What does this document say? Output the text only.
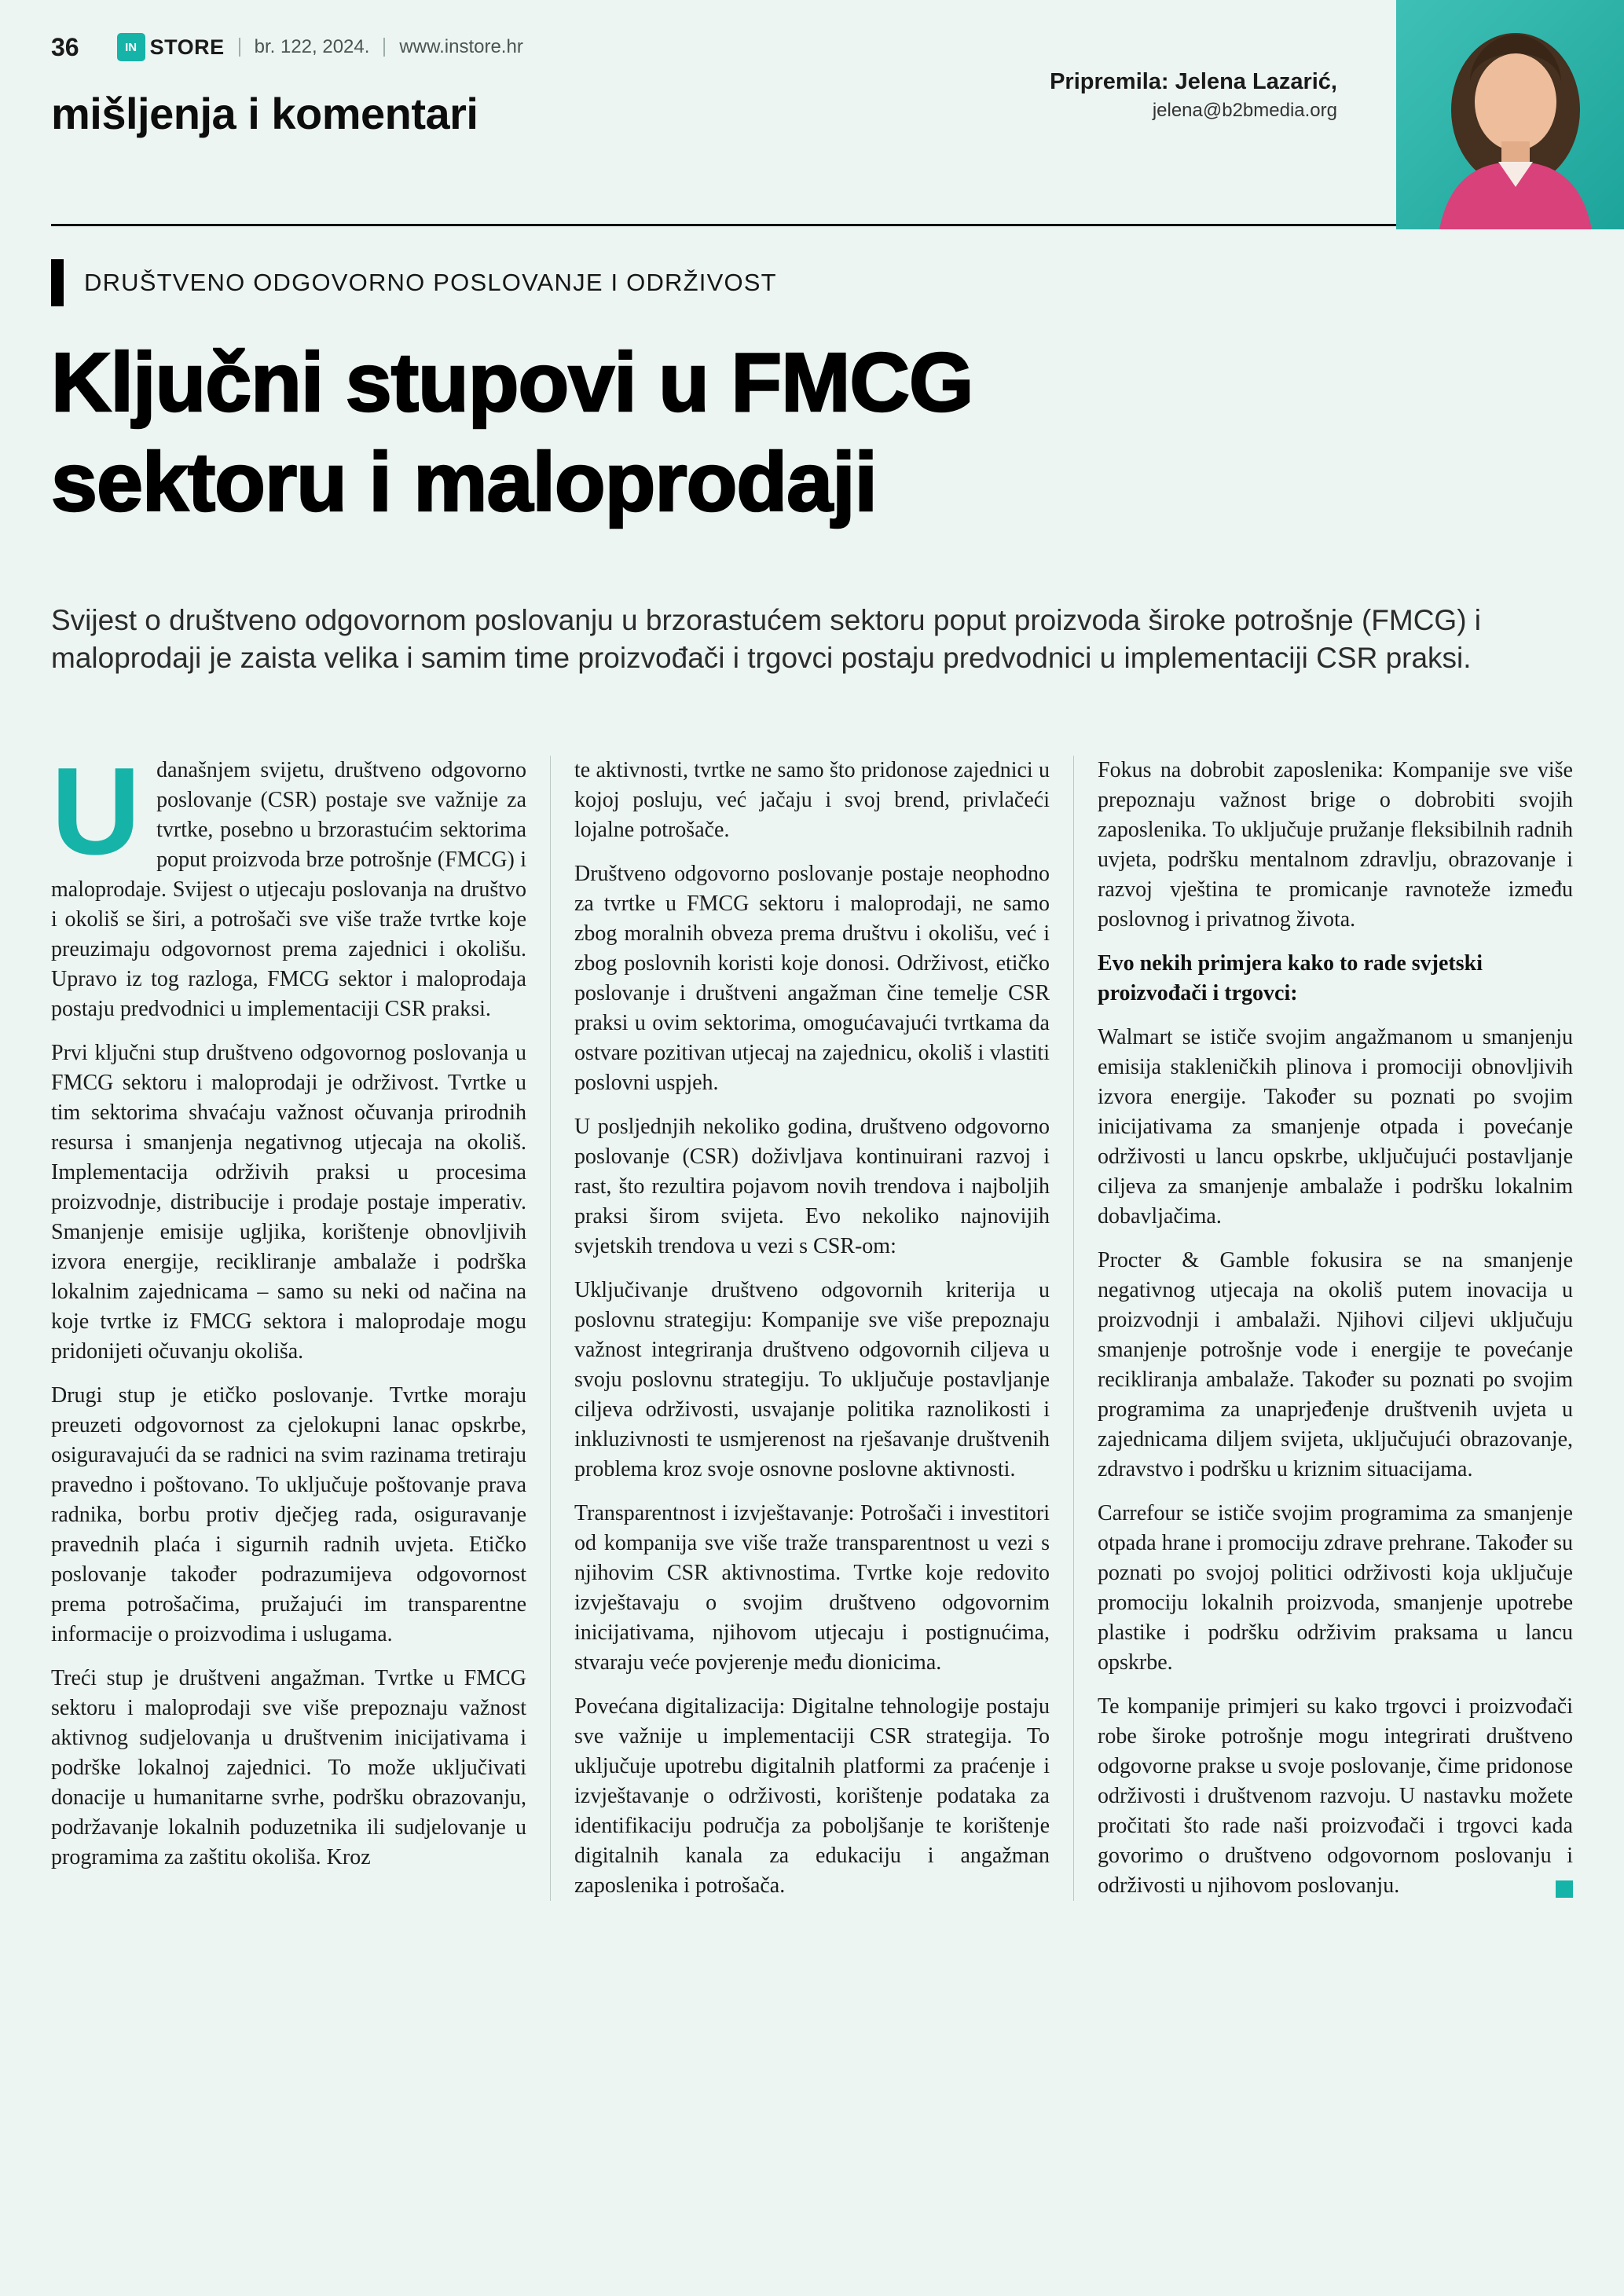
36	IN STORE br. 122, 2024. www.instore.hr
mišljenja i komentari
Pripremila: Jelena Lazarić,
jelena@b2bmedia.org
DRUŠTVENO ODGOVORNO POSLOVANJE I ODRŽIVOST
Ključni stupovi u FMCG
sektoru i maloprodaji

Svijest o društveno odgovornom poslovanju u brzorastućem sektoru poput proizvoda široke potrošnje (FMCG) i maloprodaji je zaista velika i samim time proizvođači i trgovci postaju predvodnici u implementaciji CSR praksi.

U današnjem svijetu, društveno odgovorno poslovanje (CSR) postaje sve važnije za tvrtke, posebno u brzorastućim sektorima poput proizvoda brze potrošnje (FMCG) i maloprodaje. Svijest o utjecaju poslovanja na društvo i okoliš se širi, a potrošači sve više traže tvrtke koje preuzimaju odgovornost prema zajednici i okolišu. Upravo iz tog razloga, FMCG sektor i maloprodaja postaju predvodnici u implementaciji CSR praksi.

Prvi ključni stup društveno odgovornog poslovanja u FMCG sektoru i maloprodaji je održivost. Tvrtke u tim sektorima shvaćaju važnost očuvanja prirodnih resursa i smanjenja negativnog utjecaja na okoliš. Implementacija održivih praksi u procesima proizvodnje, distribucije i prodaje postaje imperativ. Smanjenje emisije ugljika, korištenje obnovljivih izvora energije, recikliranje ambalaže i podrška lokalnim zajednicama – samo su neki od načina na koje tvrtke iz FMCG sektora i maloprodaje mogu pridonijeti očuvanju okoliša.

Drugi stup je etičko poslovanje. Tvrtke moraju preuzeti odgovornost za cjelokupni lanac opskrbe, osiguravajući da se radnici na svim razinama tretiraju pravedno i poštovano. To uključuje poštovanje prava radnika, borbu protiv dječjeg rada, osiguravanje pravednih plaća i sigurnih radnih uvjeta. Etičko poslovanje također podrazumijeva odgovornost prema potrošačima, pružajući im transparentne informacije o proizvodima i uslugama.

Treći stup je društveni angažman. Tvrtke u FMCG sektoru i maloprodaji sve više prepoznaju važnost aktivnog sudjelovanja u društvenim inicijativama i podrške lokalnoj zajednici. To može uključivati donacije u humanitarne svrhe, podršku obrazovanju, podržavanje lokalnih poduzetnika ili sudjelovanje u programima za zaštitu okoliša. Kroz

te aktivnosti, tvrtke ne samo što pridonose zajednici u kojoj posluju, već jačaju i svoj brend, privlačeći lojalne potrošače.

Društveno odgovorno poslovanje postaje neophodno za tvrtke u FMCG sektoru i maloprodaji, ne samo zbog moralnih obveza prema društvu i okolišu, već i zbog poslovnih koristi koje donosi. Održivost, etičko poslovanje i društveni angažman čine temelje CSR praksi u ovim sektorima, omogućavajući tvrtkama da ostvare pozitivan utjecaj na zajednicu, okoliš i vlastiti poslovni uspjeh.

U posljednjih nekoliko godina, društveno odgovorno poslovanje (CSR) doživljava kontinuirani razvoj i rast, što rezultira pojavom novih trendova i najboljih praksi širom svijeta. Evo nekoliko najnovijih svjetskih trendova u vezi s CSR-om:

Uključivanje društveno odgovornih kriterija u poslovnu strategiju: Kompanije sve više prepoznaju važnost integriranja društveno odgovornih ciljeva u svoju poslovnu strategiju. To uključuje postavljanje ciljeva održivosti, usvajanje politika raznolikosti i inkluzivnosti te usmjerenost na rješavanje društvenih problema kroz svoje osnovne poslovne aktivnosti.

Transparentnost i izvještavanje: Potrošači i investitori od kompanija sve više traže transparentnost u vezi s njihovim CSR aktivnostima. Tvrtke koje redovito izvještavaju o svojim društveno odgovornim inicijativama, njihovom utjecaju i postignućima, stvaraju veće povjerenje među dionicima.

Povećana digitalizacija: Digitalne tehnologije postaju sve važnije u implementaciji CSR strategija. To uključuje upotrebu digitalnih platformi za praćenje i izvještavanje o održivosti, korištenje podataka za identifikaciju područja za poboljšanje te korištenje digitalnih kanala za edukaciju i angažman zaposlenika i potrošača.

Fokus na dobrobit zaposlenika: Kompanije sve više prepoznaju važnost brige o dobrobiti svojih zaposlenika. To uključuje pružanje fleksibilnih radnih uvjeta, podršku mentalnom zdravlju, obrazovanje i razvoj vještina te promicanje ravnoteže između poslovnog i privatnog života.

Evo nekih primjera kako to rade svjetski proizvođači i trgovci:

Walmart se ističe svojim angažmanom u smanjenju emisija stakleničkih plinova i promociji obnovljivih izvora energije. Također su poznati po svojim inicijativama za smanjenje otpada i povećanje održivosti u lancu opskrbe, uključujući postavljanje ciljeva za smanjenje ambalaže i podršku lokalnim dobavljačima.

Procter & Gamble fokusira se na smanjenje negativnog utjecaja na okoliš putem inovacija u proizvodnji i ambalaži. Njihovi ciljevi uključuju smanjenje potrošnje vode i energije te povećanje recikliranja ambalaže. Također su poznati po svojim programima za unaprjeđenje društvenih uvjeta u zajednicama diljem svijeta, uključujući obrazovanje, zdravstvo i podršku u kriznim situacijama.

Carrefour se ističe svojim programima za smanjenje otpada hrane i promociju zdrave prehrane. Također su poznati po svojoj politici održivosti koja uključuje promociju lokalnih proizvoda, smanjenje upotrebe plastike i podršku održivim praksama u lancu opskrbe.

Te kompanije primjeri su kako trgovci i proizvođači robe široke potrošnje mogu integrirati društveno odgovorne prakse u svoje poslovanje, čime pridonose održivosti i društvenom razvoju. U nastavku možete pročitati što rade naši proizvođači i trgovci kada govorimo o društveno odgovornom poslovanju i održivosti u njihovom poslovanju.
